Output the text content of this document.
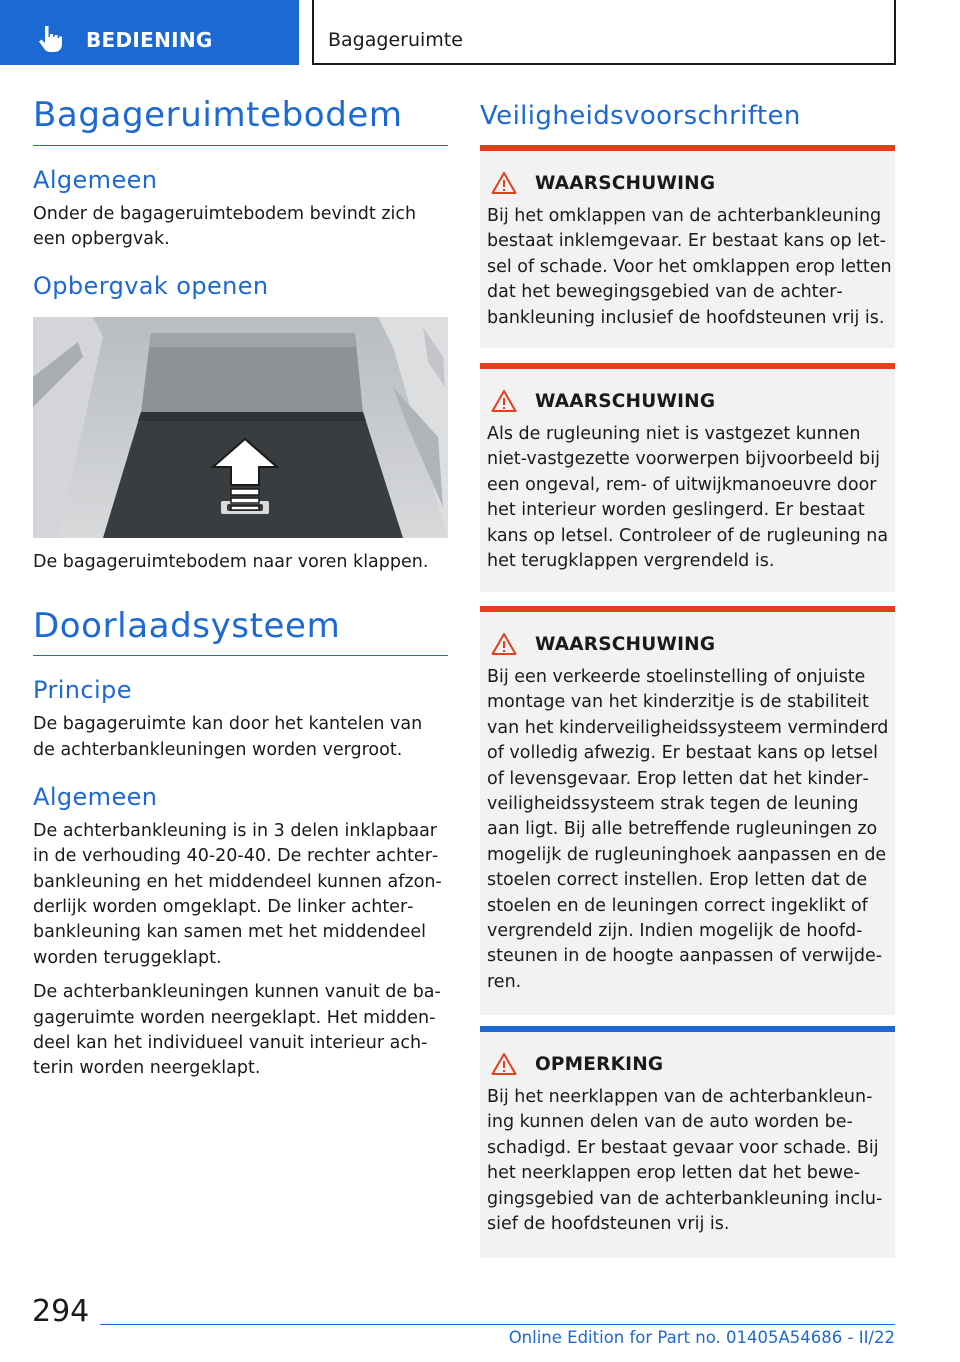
BEDIENING	Bagageruimte
Bagageruimtebodem
Algemeen
Onder de bagageruimtebodem bevindt zich een opbergvak.
Opbergvak openen
De bagageruimtebodem naar voren klappen.
Doorlaadsysteem
Principe
De bagageruimte kan door het kantelen van de achterbankleuningen worden vergroot.
Algemeen
De achterbankleuning is in 3 delen inklapbaar in de verhouding 40-20-40. De rechter achterbankleuning en het middendeel kunnen afzonderlijk worden omgeklapt. De linker achterbankleuning kan samen met het middendeel worden teruggeklapt.
De achterbankleuningen kunnen vanuit de bagageruimte worden neergeklapt. Het middendeel kan het individueel vanuit interieur achterin worden neergeklapt.
Veiligheidsvoorschriften
WAARSCHUWING
Bij het omklappen van de achterbankleuning bestaat inklemgevaar. Er bestaat kans op letsel of schade. Voor het omklappen erop letten dat het bewegingsgebied van de achterbankleuning inclusief de hoofdsteunen vrij is.
WAARSCHUWING
Als de rugleuning niet is vastgezet kunnen niet-vastgezette voorwerpen bijvoorbeeld bij een ongeval, rem- of uitwijkmanoeuvre door het interieur worden geslingerd. Er bestaat kans op letsel. Controleer of de rugleuning na het terugklappen vergrendeld is.
WAARSCHUWING
Bij een verkeerde stoelinstelling of onjuiste montage van het kinderzitje is de stabiliteit van het kinderveiligheidssysteem verminderd of volledig afwezig. Er bestaat kans op letsel of levensgevaar. Erop letten dat het kinderveiligheidssysteem strak tegen de leuning aan ligt. Bij alle betreffende rugleuningen zo mogelijk de rugleuninghoek aanpassen en de stoelen correct instellen. Erop letten dat de stoelen en de leuningen correct ingeklikt of vergrendeld zijn. Indien mogelijk de hoofdsteunen in de hoogte aanpassen of verwijderen.
OPMERKING
Bij het neerklappen van de achterbankleuning kunnen delen van de auto worden beschadigd. Er bestaat gevaar voor schade. Bij het neerklappen erop letten dat het bewegingsgebied van de achterbankleuning inclusief de hoofdsteunen vrij is.
294
Online Edition for Part no. 01405A54686 - II/22
